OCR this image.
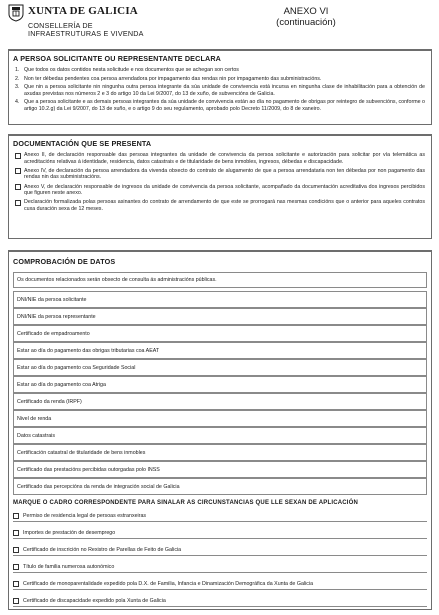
XUNTA DE GALICIA
CONSELLERÍA DE
INFRAESTRUTURAS E VIVENDA
ANEXO VI
(continuación)
A PERSOA SOLICITANTE OU REPRESENTANTE DECLARA
1. Que todos os datos contidos nesta solicitude e nos documentos que se achegan son certos
2. Non ter débedas pendentes coa persoa arrendadora por impagamento das rendas nin por impagamento das subministracións.
3. Que nin a persoa solicitante nin ningunha outra persoa integrante da súa unidade de convivencia está incursa en ningunha clase de inhabilitación para a obtención de axudas previstas nos números 2 e 3 do artigo 10 da Lei 9/2007, do 13 de xuño, de subvencións de Galicia.
4. Que a persoa solicitante e as demais persoas integrantes da súa unidade de convivencia están ao día no pagamento de obrigas por reintegro de subvencións, conforme o artigo 10.2.g) da Lei 9/2007, do 13 de xuño, e o artigo 9 do seu regulamento, aprobado polo Decreto 11/2009, do 8 de xaneiro.
DOCUMENTACIÓN QUE SE PRESENTA
Anexo II, de declaración responsable das persoas integrantes da unidade de convivencia da persoa solicitante e autorización para solicitar por vía telemática as acreditacións relativas á identidade, residencia, datos catastrais e de titularidade de bens inmobles, ingresos, débedas e discapacidade.
Anexo IV, de declaración da persoa arrendadora da vivenda obxecto do contrato de alugamento de que a persoa arrendataria non ten débedas por non pagamento das rendas nin das subministracións.
Anexo V, de declaración responsable de ingresos da unidade de convivencia da persoa solicitante, acompañado da documentación acreditativa dos ingresos percibidos que figuren neste anexo.
Declaración formalizada polas persoas asinantes do contrato de arrendamento de que este se prorrogará nas mesmas condicións que o anterior para aqueles contratos cuxa duración sexa de 12 meses.
COMPROBACIÓN DE DATOS
Os documentos relacionados serán obxecto de consulta ás administracións públicas.
DNI/NIE da persoa solicitante
DNI/NIE da persoa representante
Certificado de empadroamento
Estar ao día do pagamento das obrigas tributarias coa AEAT
Estar ao día do pagamento coa Seguridade Social
Estar ao día do pagamento coa Atriga
Certificado da renda (IRPF)
Nivel de renda
Datos catastrais
Certificación catastral de titularidade de bens inmobles
Certificado das prestacións percibidas outorgadas polo INSS
Certificado das percepcións da renda de integración social de Galicia
MARQUE O CADRO CORRESPONDENTE PARA SINALAR AS CIRCUNSTANCIAS QUE LLE SEXAN DE APLICACIÓN
Permiso de residencia legal de persoas estranxeiras
Importes de prestación de desemprego
Certificado de inscrición no Rexistro de Parellas de Feito de Galicia
Título de familia numerosa autonómico
Certificado de monoparentalidade expedido pola D.X. de Familia, Infancia e Dinamización Demográfica da Xunta de Galicia
Certificado de discapacidade expedido pola Xunta de Galicia
